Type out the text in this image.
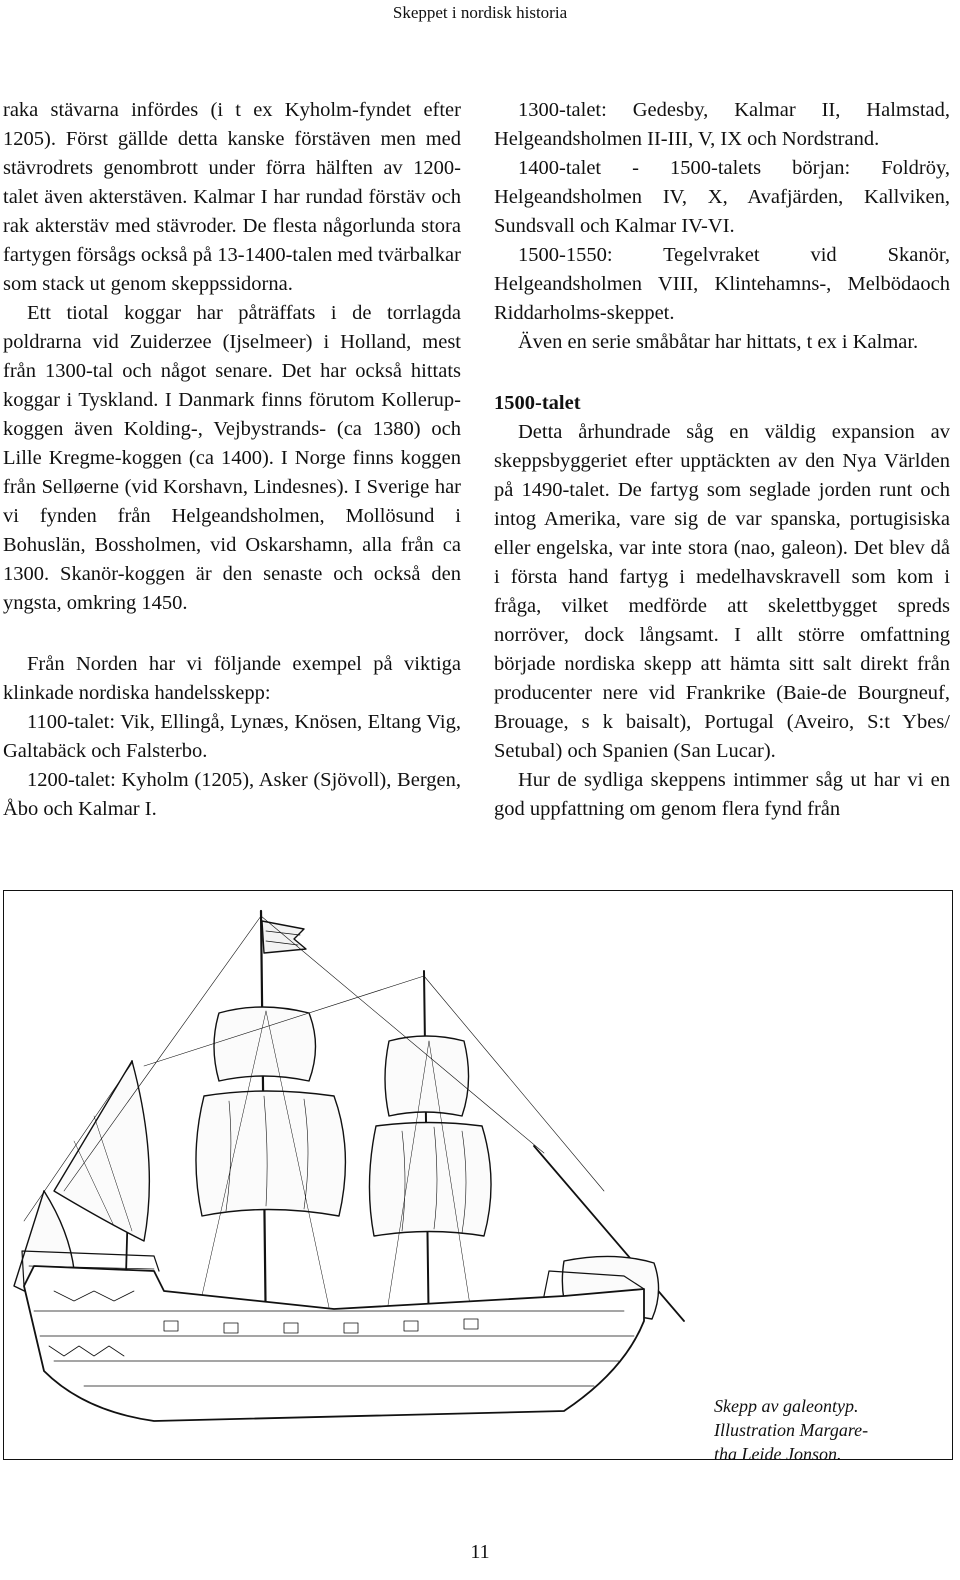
Skeppet i nordisk historia

raka stävarna infördes (i t ex Kyholm-fyndet efter 1205). Först gällde detta kanske förstäven men med stävrodrets genombrott under förra hälften av 1200-talet även akterstäven. Kalmar I har rundad förstäv och rak akterstäv med stävroder. De flesta någorlunda stora fartygen försågs också på 13-1400-talen med tvärbalkar som stack ut genom skeppssidorna.

Ett tiotal koggar har påträffats i de torrlagda poldrarna vid Zuiderzee (Ijselmeer) i Holland, mest från 1300-tal och något senare. Det har också hittats koggar i Tyskland. I Danmark finns förutom Kollerup-koggen även Kolding-, Vejbystrands- (ca 1380) och Lille Kregme-koggen (ca 1400). I Norge finns koggen från Selløerne (vid Korshavn, Lindesnes). I Sverige har vi fynden från Helgeandsholmen, Mollösund i Bohuslän, Bossholmen, vid Oskarshamn, alla från ca 1300. Skanör-koggen är den senaste och också den yngsta, omkring 1450.

Från Norden har vi följande exempel på viktiga klinkade nordiska handelsskepp:

1100-talet: Vik, Ellingå, Lynæs, Knösen, Eltang Vig, Galtabäck och Falsterbo.

1200-talet: Kyholm (1205), Asker (Sjövoll), Bergen, Åbo och Kalmar I.

1300-talet: Gedesby, Kalmar II, Halmstad, Helgeandsholmen II-III, V, IX och Nordstrand.

1400-talet - 1500-talets början: Foldröy, Helgeandsholmen IV, X, Avafjärden, Kallviken, Sundsvall och Kalmar IV-VI.

1500-1550: Tegelvraket vid Skanör, Helgeandsholmen VIII, Klintehamns-, Melbödaoch Riddarholms-skeppet.

Även en serie småbåtar har hittats, t ex i Kalmar.

1500-talet

Detta århundrade såg en väldig expansion av skeppsbyggeriet efter upptäckten av den Nya Världen på 1490-talet. De fartyg som seglade jorden runt och intog Amerika, vare sig de var spanska, portugisiska eller engelska, var inte stora (nao, galeon). Det blev då i första hand fartyg i medelhavskravell som kom i fråga, vilket medförde att skelettbygget spreds norröver, dock långsamt. I allt större omfattning började nordiska skepp att hämta sitt salt direkt från producenter nere vid Frankrike (Baie-de Bourgneuf, Brouage, s k baisalt), Portugal (Aveiro, S:t Ybes/ Setubal) och Spanien (San Lucar).

Hur de sydliga skeppens intimmer såg ut har vi en god uppfattning om genom flera fynd från

Skepp av galeontyp.
Illustration Margare-
tha Leide Jonson.
11
